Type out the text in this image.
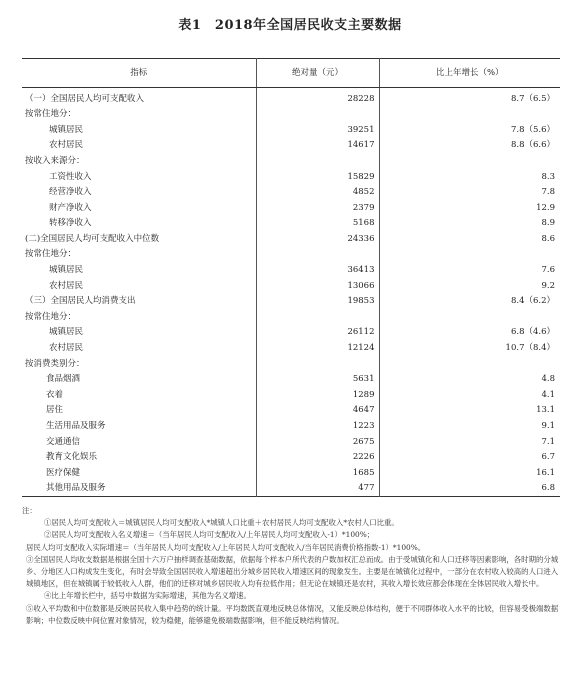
表1　2018年全国居民收支主要数据
指标	绝对量（元）	比上年增长（%）
（一）全国居民人均可支配收入	28228	8.7（6.5）
按常住地分：		
城镇居民	39251	7.8（5.6）
农村居民	14617	8.8（6.6）
按收入来源分：		
工资性收入	15829	8.3
经营净收入	4852	7.8
财产净收入	2379	12.9
转移净收入	5168	8.9
(二)全国居民人均可支配收入中位数	24336	8.6
按常住地分：		
城镇居民	36413	7.6
农村居民	13066	9.2
（三）全国居民人均消费支出	19853	8.4（6.2）
按常住地分：		
城镇居民	26112	6.8（4.6）
农村居民	12124	10.7（8.4）
按消费类别分：		
食品烟酒	5631	4.8
衣着	1289	4.1
居住	4647	13.1
生活用品及服务	1223	9.1
交通通信	2675	7.1
教育文化娱乐	2226	6.7
医疗保健	1685	16.1
其他用品及服务	477	6.8

注：

①居民人均可支配收入＝城镇居民人均可支配收入*城镇人口比重＋农村居民人均可支配收入*农村人口比重。

②居民人均可支配收入名义增速＝（当年居民人均可支配收入/上年居民人均可支配收入-1）*100%；

居民人均可支配收入实际增速＝（当年居民人均可支配收入/上年居民人均可支配收入/当年居民消费价格指数-1）*100%。

③全国居民人均收支数据是根据全国十六万户抽样调查基础数据，依据每个样本户所代表的户数加权汇总而成。由于受城镇化和人口迁移等因素影响，各时期的分城乡、分地区人口构成发生变化，有时会导致全国居民收入增速超出分城乡居民收入增速区间的现象发生。主要是在城镇化过程中，一部分在农村收入较高的人口进入城镇地区，但在城镇属于较低收入人群，他们的迁移对城乡居民收入均有拉低作用；但无论在城镇还是农村，其收入增长效应都会体现在全体居民收入增长中。

④比上年增长栏中，括号中数据为实际增速，其他为名义增速。

⑤收入平均数和中位数都是反映居民收入集中趋势的统计量。平均数既直观地反映总体情况，又能反映总体结构，便于不同群体收入水平的比较，但容易受极端数据影响；中位数反映中间位置对象情况，较为稳健，能够避免极端数据影响，但不能反映结构情况。
